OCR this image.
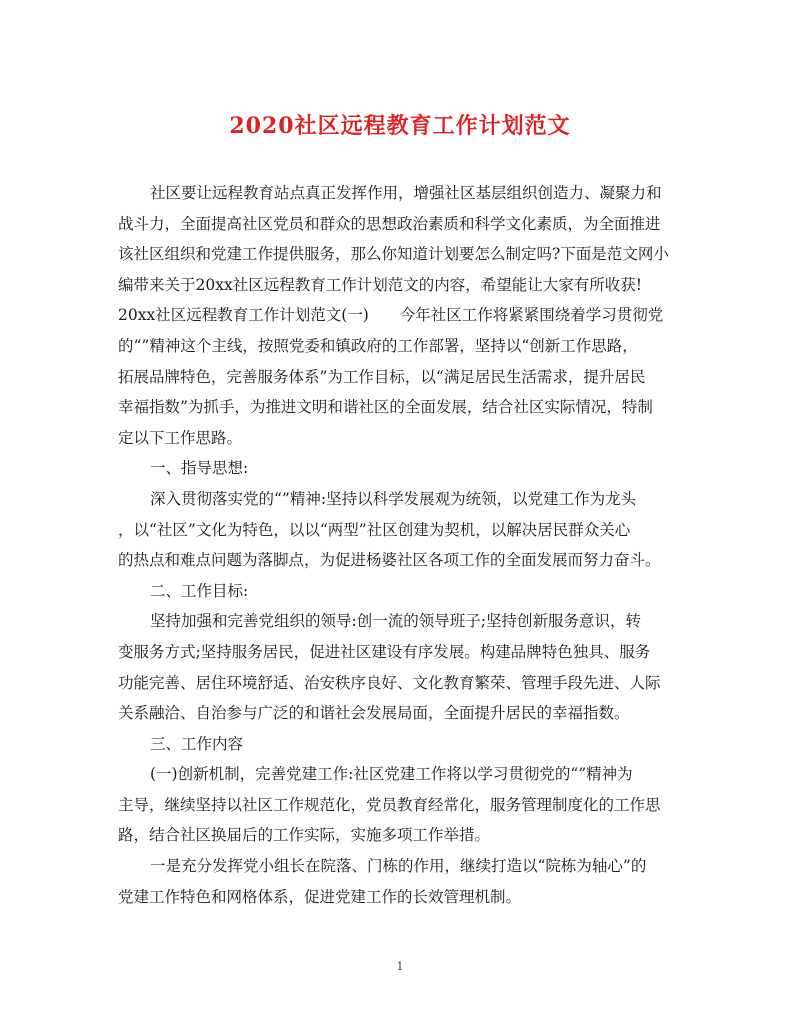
2020社区远程教育工作计划范文
社区要让远程教育站点真正发挥作用，增强社区基层组织创造力、凝聚力和
战斗力，全面提高社区党员和群众的思想政治素质和科学文化素质，为全面推进
该社区组织和党建工作提供服务，那么你知道计划要怎么制定吗?下面是范文网小
编带来关于20xx社区远程教育工作计划范文的内容，希望能让大家有所收获!
20xx社区远程教育工作计划范文(一)　　今年社区工作将紧紧围绕着学习贯彻党
的“”精神这个主线，按照党委和镇政府的工作部署，坚持以“创新工作思路，
拓展品牌特色，完善服务体系”为工作目标，以“满足居民生活需求，提升居民
幸福指数”为抓手，为推进文明和谐社区的全面发展，结合社区实际情况，特制
定以下工作思路。
一、指导思想:
深入贯彻落实党的“”精神:坚持以科学发展观为统领，以党建工作为龙头
，以“社区”文化为特色，以以“两型”社区创建为契机，以解决居民群众关心
的热点和难点问题为落脚点，为促进杨婆社区各项工作的全面发展而努力奋斗。
二、工作目标:
坚持加强和完善党组织的领导:创一流的领导班子;坚持创新服务意识，转
变服务方式;坚持服务居民，促进社区建设有序发展。构建品牌特色独具、服务
功能完善、居住环境舒适、治安秩序良好、文化教育繁荣、管理手段先进、人际
关系融洽、自治参与广泛的和谐社会发展局面，全面提升居民的幸福指数。
三、工作内容
(一)创新机制，完善党建工作:社区党建工作将以学习贯彻党的“”精神为
主导，继续坚持以社区工作规范化，党员教育经常化，服务管理制度化的工作思
路，结合社区换届后的工作实际，实施多项工作举措。
一是充分发挥党小组长在院落、门栋的作用，继续打造以“院栋为轴心”的
党建工作特色和网格体系，促进党建工作的长效管理机制。
1
